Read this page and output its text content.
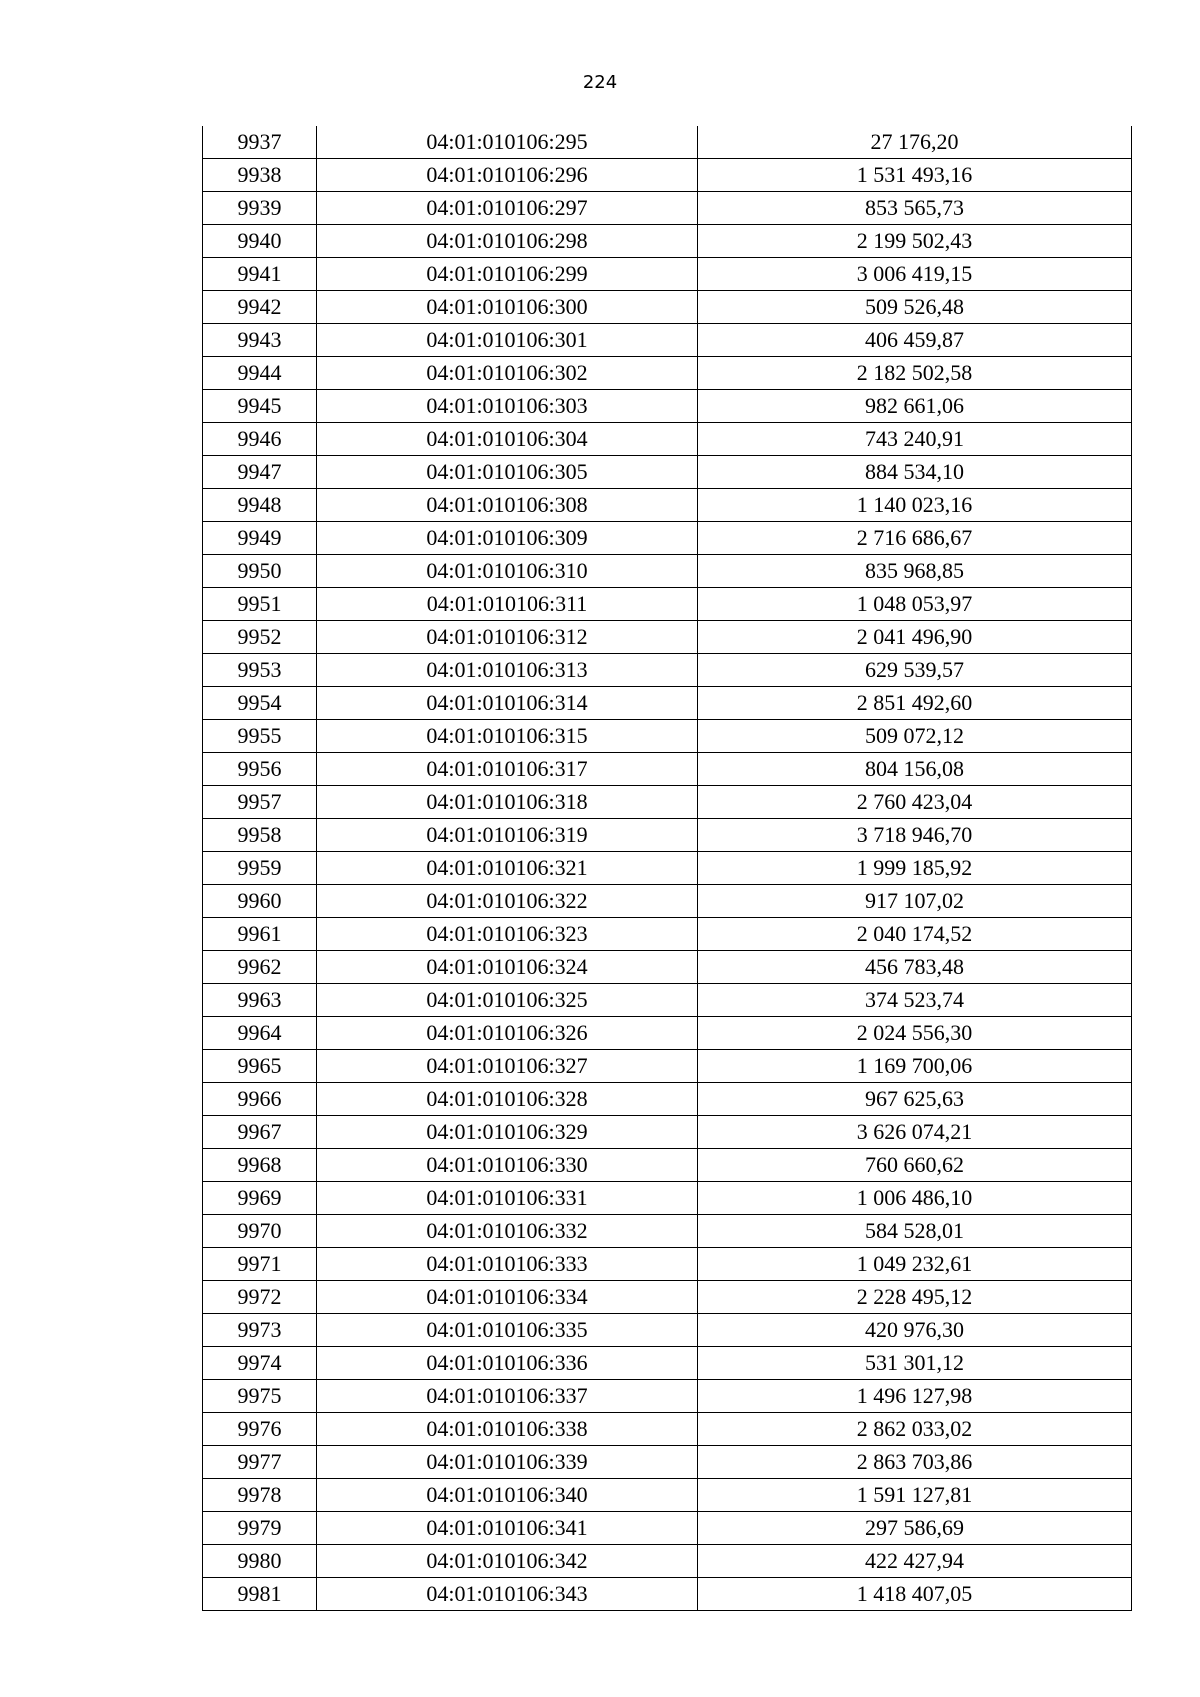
224
9937	04:01:010106:295	27 176,20
9938	04:01:010106:296	1 531 493,16
9939	04:01:010106:297	853 565,73
9940	04:01:010106:298	2 199 502,43
9941	04:01:010106:299	3 006 419,15
9942	04:01:010106:300	509 526,48
9943	04:01:010106:301	406 459,87
9944	04:01:010106:302	2 182 502,58
9945	04:01:010106:303	982 661,06
9946	04:01:010106:304	743 240,91
9947	04:01:010106:305	884 534,10
9948	04:01:010106:308	1 140 023,16
9949	04:01:010106:309	2 716 686,67
9950	04:01:010106:310	835 968,85
9951	04:01:010106:311	1 048 053,97
9952	04:01:010106:312	2 041 496,90
9953	04:01:010106:313	629 539,57
9954	04:01:010106:314	2 851 492,60
9955	04:01:010106:315	509 072,12
9956	04:01:010106:317	804 156,08
9957	04:01:010106:318	2 760 423,04
9958	04:01:010106:319	3 718 946,70
9959	04:01:010106:321	1 999 185,92
9960	04:01:010106:322	917 107,02
9961	04:01:010106:323	2 040 174,52
9962	04:01:010106:324	456 783,48
9963	04:01:010106:325	374 523,74
9964	04:01:010106:326	2 024 556,30
9965	04:01:010106:327	1 169 700,06
9966	04:01:010106:328	967 625,63
9967	04:01:010106:329	3 626 074,21
9968	04:01:010106:330	760 660,62
9969	04:01:010106:331	1 006 486,10
9970	04:01:010106:332	584 528,01
9971	04:01:010106:333	1 049 232,61
9972	04:01:010106:334	2 228 495,12
9973	04:01:010106:335	420 976,30
9974	04:01:010106:336	531 301,12
9975	04:01:010106:337	1 496 127,98
9976	04:01:010106:338	2 862 033,02
9977	04:01:010106:339	2 863 703,86
9978	04:01:010106:340	1 591 127,81
9979	04:01:010106:341	297 586,69
9980	04:01:010106:342	422 427,94
9981	04:01:010106:343	1 418 407,05
